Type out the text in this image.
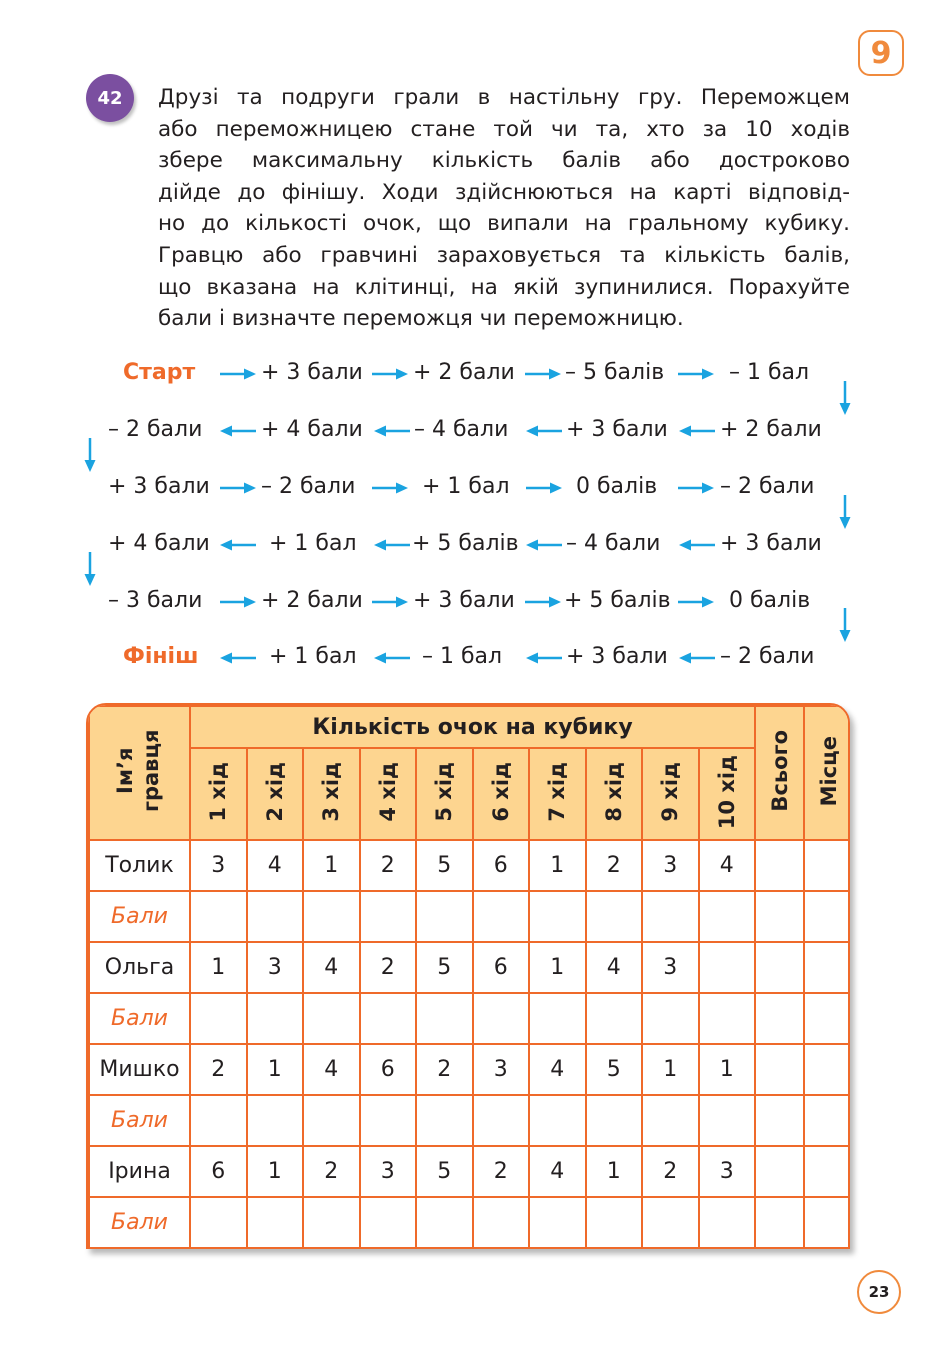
9
42	Друзі та подруги грали в настільну гру. Переможцем
або переможницею стане той чи та, хто за 10 ходів
збере максимальну кількість балів або достроково
дійде до фінішу. Ходи здійснюються на карті відповід-
но до кількості очок, що випали на гральному кубику.
Гравцю або гравчині зараховується та кількість балів,
що вказана на клітинці, на якій зупинилися. Порахуйте
бали і визначте переможця чи переможницю.
Старт	+ 3 бали + 2 бали – 5 балів	– 1 бал
– 2 бали	+ 4 бали – 4 бали	+ 3 бали + 2 бали
+ 3 бали – 2 бали	+ 1 бал	0 балів	– 2 бали
+ 4 бали	+ 1 бал	+ 5 балів – 4 бали	+ 3 бали
– 3 бали	+ 2 бали + 3 бали + 5 балів	0 балів
Фініш	+ 1 бал	– 1 бал	+ 3 бали – 2 бали
Ім’я гравця	Кількість очок на кубику										Всього	Місце
	1 хід	2 хід	3 хід	4 хід	5 хід	6 хід	7 хід	8 хід	9 хід	10 хід		
Толик	3	4	1	2	5	6	1	2	3	4		
Бали												
Ольга	1	3	4	2	5	6	1	4	3			
Бали												
Мишко	2	1	4	6	2	3	4	5	1	1		
Бали												
Ірина	6	1	2	3	5	2	4	1	2	3		
Бали												
23
